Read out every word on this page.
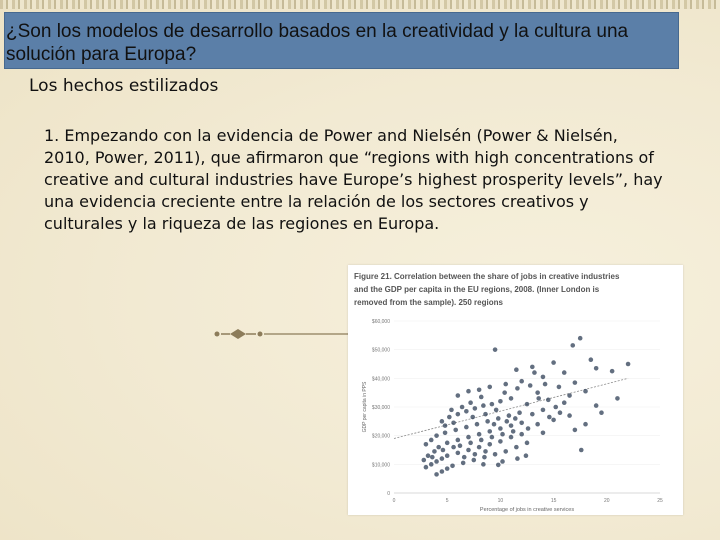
¿Son los modelos de desarrollo basados en la creatividad y la cultura una solución para Europa?
Los hechos estilizados
1. Empezando con la evidencia de Power and Nielsén (Power & Nielsén, 2010, Power, 2011), que afirmaron que “regions with high concentrations of creative and cultural industries have Europe’s highest prosperity levels”, hay una evidencia creciente entre la relación de los sectores creativos y culturales y la riqueza de las regiones en Europa.
Figure 21. Correlation between the share of jobs in creative industries and the GDP per capita in the EU regions, 2008. (Inner London is removed from the sample). 250 regions
0
$10,000
$20,000
$30,000
$40,000
$50,000
$60,000
0	5	10	15	20	25
Percentage of jobs in creative services
GDP per capita in PPS
